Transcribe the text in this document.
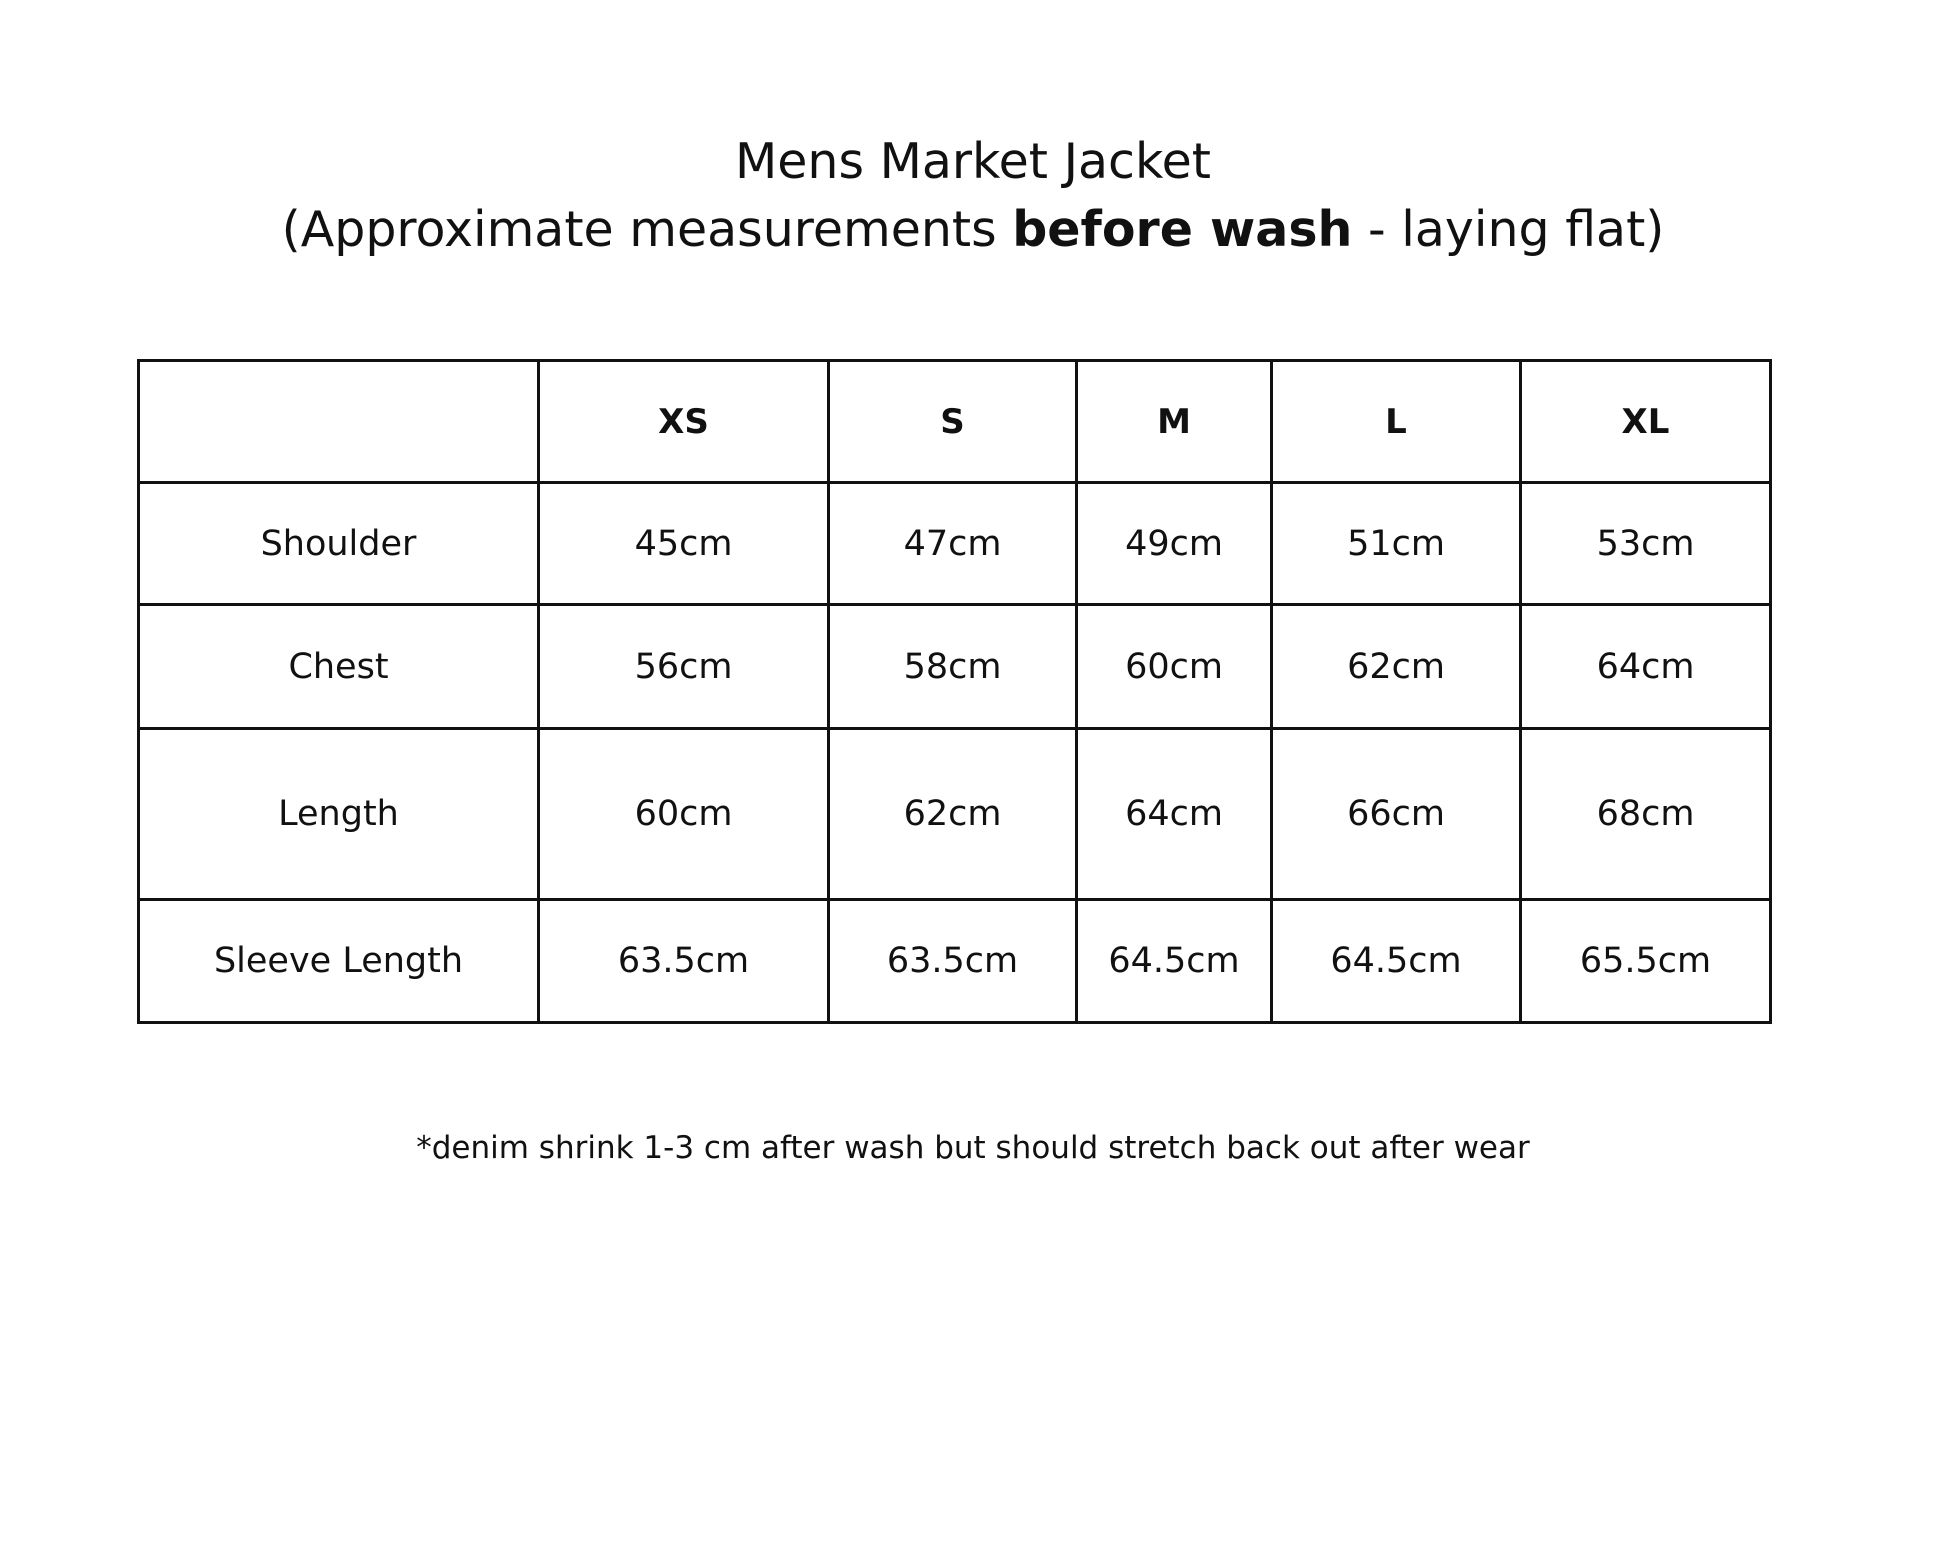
Mens Market Jacket
(Approximate measurements before wash - laying flat)
	XS	S	M	L	XL
Shoulder	45cm	47cm	49cm	51cm	53cm
Chest	56cm	58cm	60cm	62cm	64cm
Length	60cm	62cm	64cm	66cm	68cm
Sleeve Length	63.5cm	63.5cm	64.5cm	64.5cm	65.5cm
*denim shrink 1-3 cm after wash but should stretch back out after wear
